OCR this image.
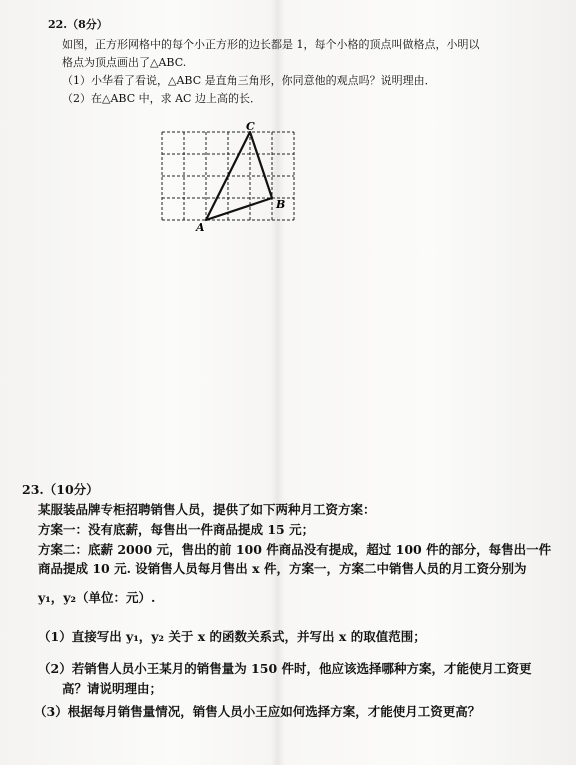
22.（8分）
如图，正方形网格中的每个小正方形的边长都是 1，每个小格的顶点叫做格点，小明以
格点为顶点画出了△ABC.
（1）小华看了看说，△ABC 是直角三角形，你同意他的观点吗？说明理由．
（2）在△ABC 中，求 AC 边上高的长．
A
B
C
23.（10分）
某服装品牌专柜招聘销售人员，提供了如下两种月工资方案：
方案一：没有底薪，每售出一件商品提成 15 元；
方案二：底薪 2000 元，售出的前 100 件商品没有提成，超过 100 件的部分，每售出一件
商品提成 10 元. 设销售人员每月售出 x 件，方案一，方案二中销售人员的月工资分别为
y₁，y₂（单位：元）.
（1）直接写出 y₁，y₂ 关于 x 的函数关系式，并写出 x 的取值范围；
（2）若销售人员小王某月的销售量为 150 件时，他应该选择哪种方案，才能使月工资更
高？请说明理由；
（3）根据每月销售量情况，销售人员小王应如何选择方案，才能使月工资更高？
